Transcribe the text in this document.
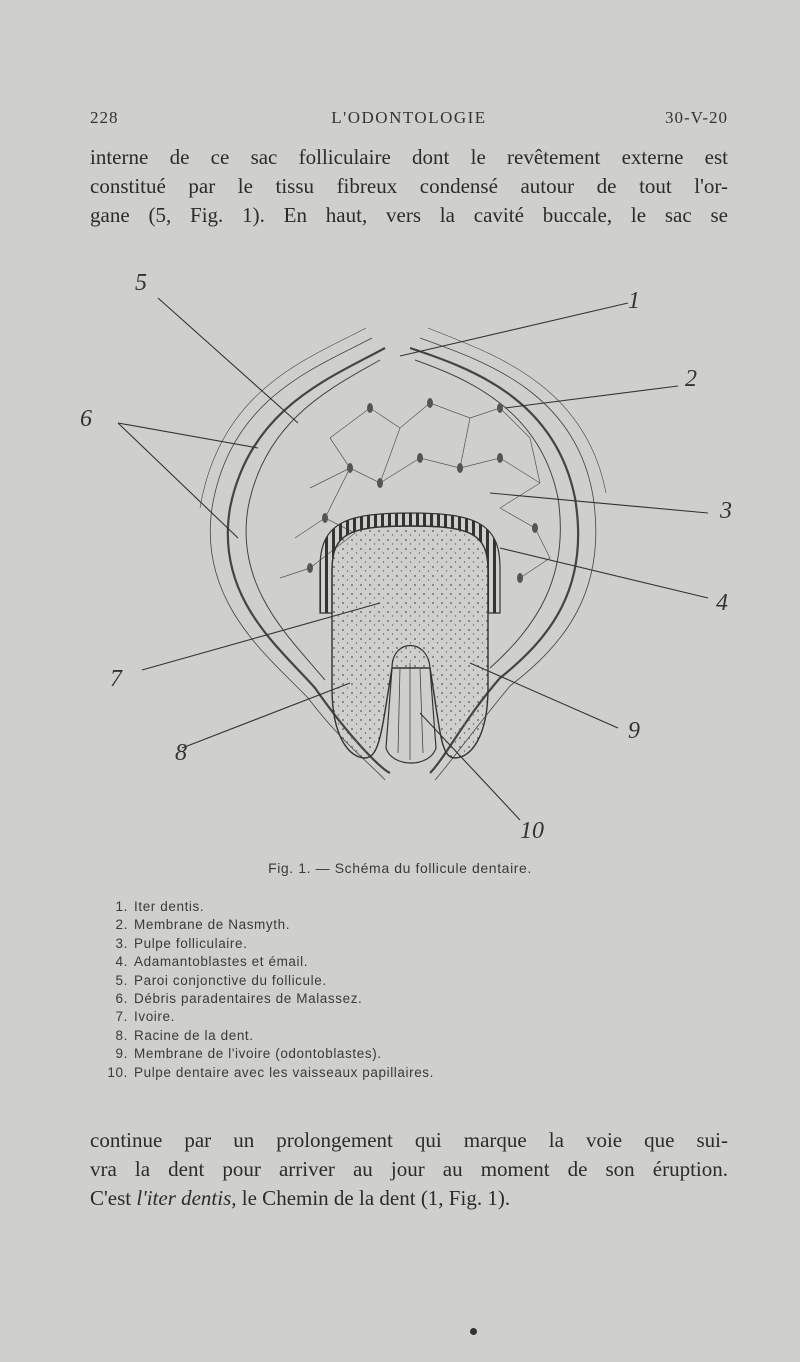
228	L'ODONTOLOGIE	30-V-20
interne de ce sac folliculaire dont le revêtement externe est
constitué par le tissu fibreux condensé autour de tout l'or-
gane (5, Fig. 1). En haut, vers la cavité buccale, le sac se
1
2
3
4
5
6
7
8
9
10
Fig. 1. — Schéma du follicule dentaire.
1. Iter dentis.
2. Membrane de Nasmyth.
3. Pulpe folliculaire.
4. Adamantoblastes et émail.
5. Paroi conjonctive du follicule.
6. Débris paradentaires de Malassez.
7. Ivoire.
8. Racine de la dent.
9. Membrane de l'ivoire (odontoblastes).
10. Pulpe dentaire avec les vaisseaux papillaires.
continue par un prolongement qui marque la voie que sui-
vra la dent pour arriver au jour au moment de son éruption.
C'est l'iter dentis, le Chemin de la dent (1, Fig. 1).
